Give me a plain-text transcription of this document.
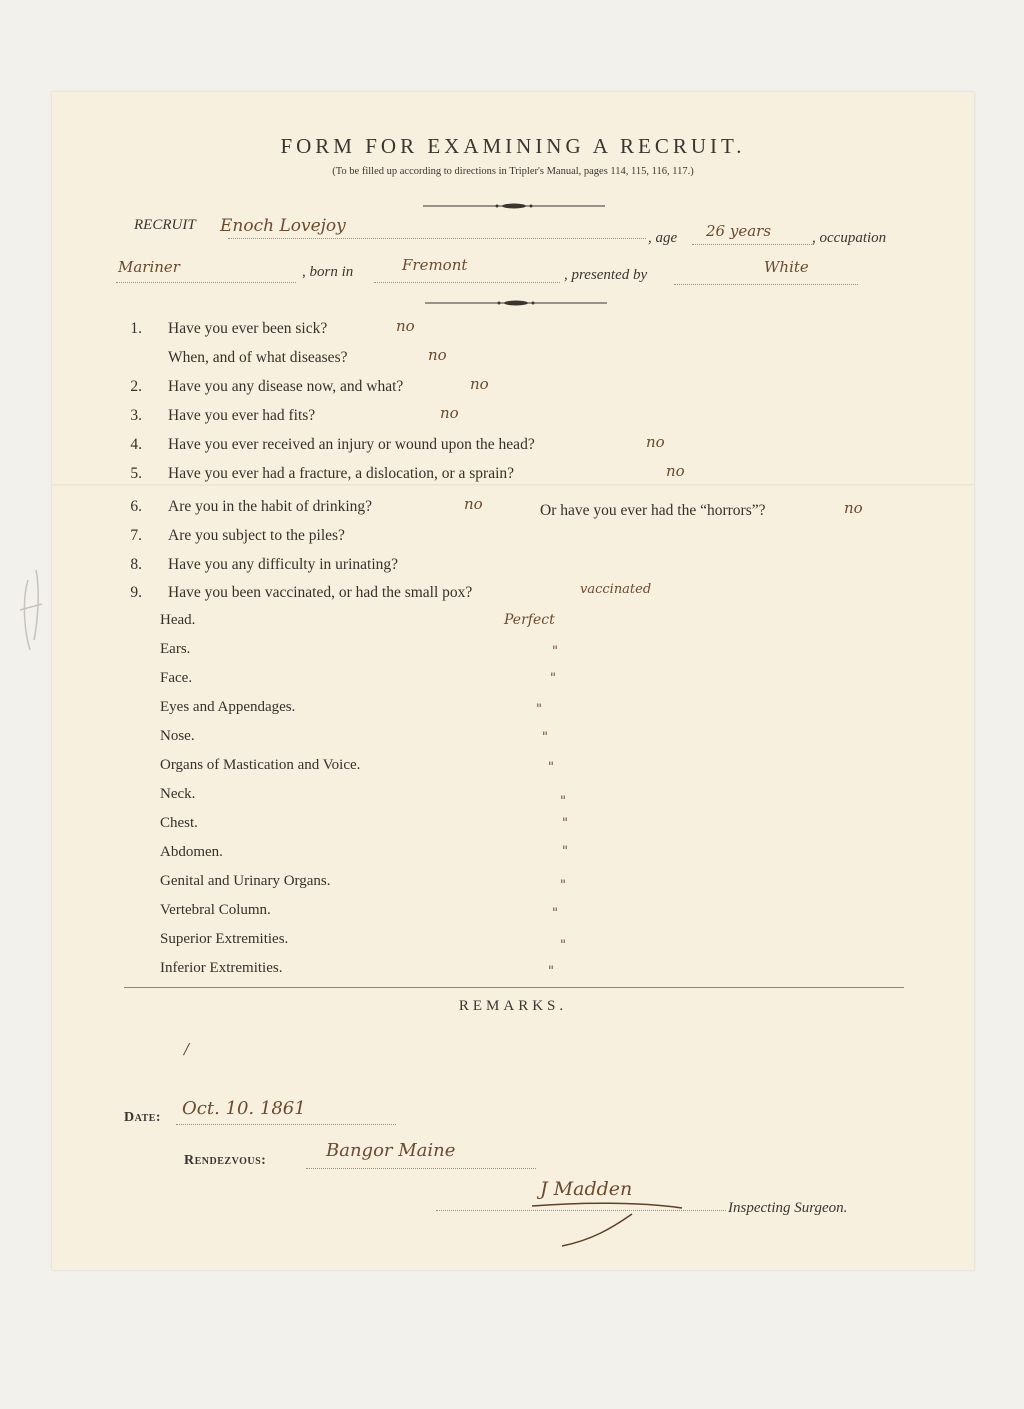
FORM FOR EXAMINING A RECRUIT.
(To be filled up according to directions in Tripler's Manual, pages 114, 115, 116, 117.)
RECRUIT Enoch Lovejoy
, age 26 years	, occupation
Mariner	, born in	Fremont
, presented by	White
1. Have you ever been sick?	no
When, and of what diseases?	no
2. Have you any disease now, and what?	no
3. Have you ever had fits?	no
4. Have you ever received an injury or wound upon the head?	no
5. Have you ever had a fracture, a dislocation, or a sprain?	no
6. Are you in the habit of drinking?	no	Or have you ever had the “horrors”?	no
7. Are you subject to the piles?
8. Have you any difficulty in urinating?
9. Have you been vaccinated, or had the small pox?	vaccinated
Head.	Perfect
Ears.	"
Face.	"
Eyes and Appendages.	"
Nose.	"
Organs of Mastication and Voice.	"
Neck.	"
Chest.	"
Abdomen.	"
Genital and Urinary Organs.	"
Vertebral Column.	"
Superior Extremities.	"
Inferior Extremities.	"
REMARKS.
/
Date: Oct. 10. 1861
Rendezvous:	Bangor Maine
J Madden
Inspecting Surgeon.
